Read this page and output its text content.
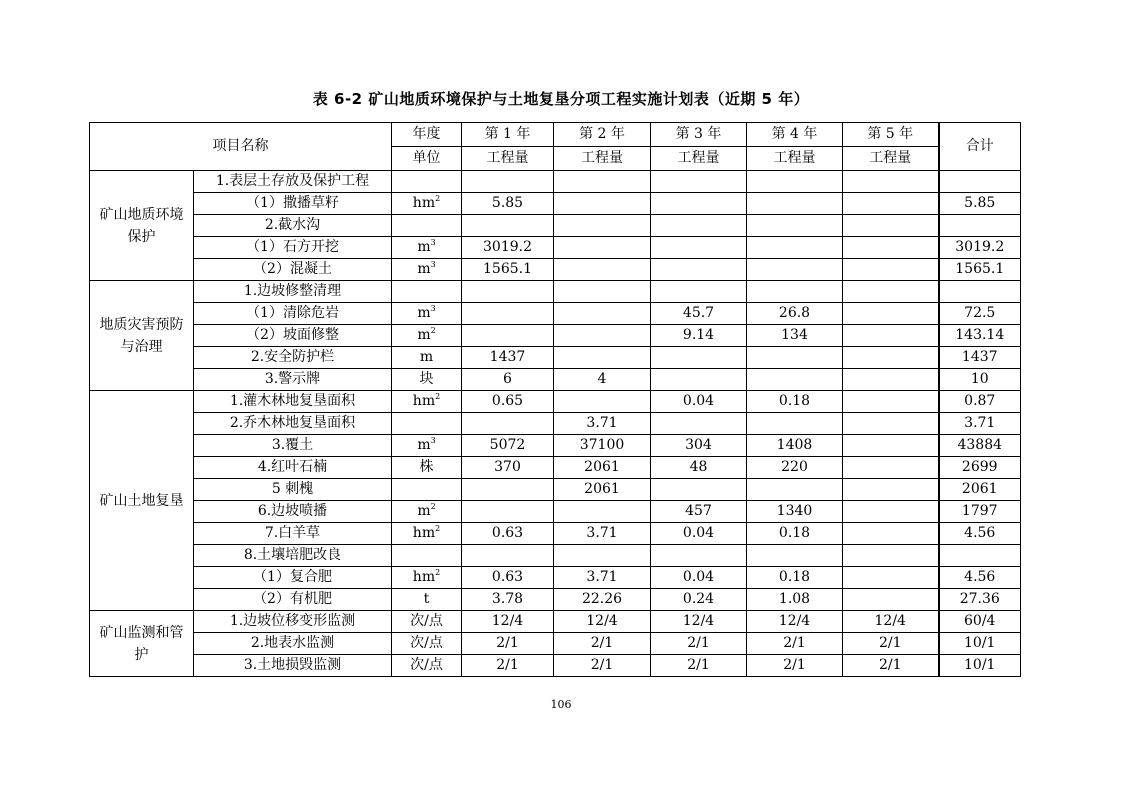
表 6-2 矿山地质环境保护与土地复垦分项工程实施计划表（近期 5 年）
项目名称		年度	第 1 年	第 2 年	第 3 年	第 4 年	第 5 年	合计
		单位	工程量	工程量	工程量	工程量	工程量	
矿山地质环境保护	1.表层土存放及保护工程							
	（1）撒播草籽	$hm^2$	5.85					5.85
	2.截水沟							
	（1）石方开挖	$m^3$	3019.2					3019.2
	（2）混凝土	$m^3$	1565.1					1565.1
地质灾害预防与治理	1.边坡修整清理							
	（1）清除危岩	$m^3$			45.7	26.8		72.5
	（2）坡面修整	$m^2$			9.14	134		143.14
	2.安全防护栏	m	1437					1437
	3.警示牌	块	6	4				10
矿山土地复垦	1.灌木林地复垦面积	$hm^2$	0.65		0.04	0.18		0.87
	2.乔木林地复垦面积			3.71				3.71
	3.覆土	$m^3$	5072	37100	304	1408		43884
	4.红叶石楠	株	370	2061	48	220		2699
	5 刺槐			2061				2061
	6.边坡喷播	$m^2$			457	1340		1797
	7.白羊草	$hm^2$	0.63	3.71	0.04	0.18		4.56
	8.土壤培肥改良							
	（1）复合肥	$hm^2$	0.63	3.71	0.04	0.18		4.56
	（2）有机肥	t	3.78	22.26	0.24	1.08		27.36
矿山监测和管护	1.边坡位移变形监测	次/点	12/4	12/4	12/4	12/4	12/4	60/4
	2.地表水监测	次/点	2/1	2/1	2/1	2/1	2/1	10/1
	3.土地损毁监测	次/点	2/1	2/1	2/1	2/1	2/1	10/1
106
